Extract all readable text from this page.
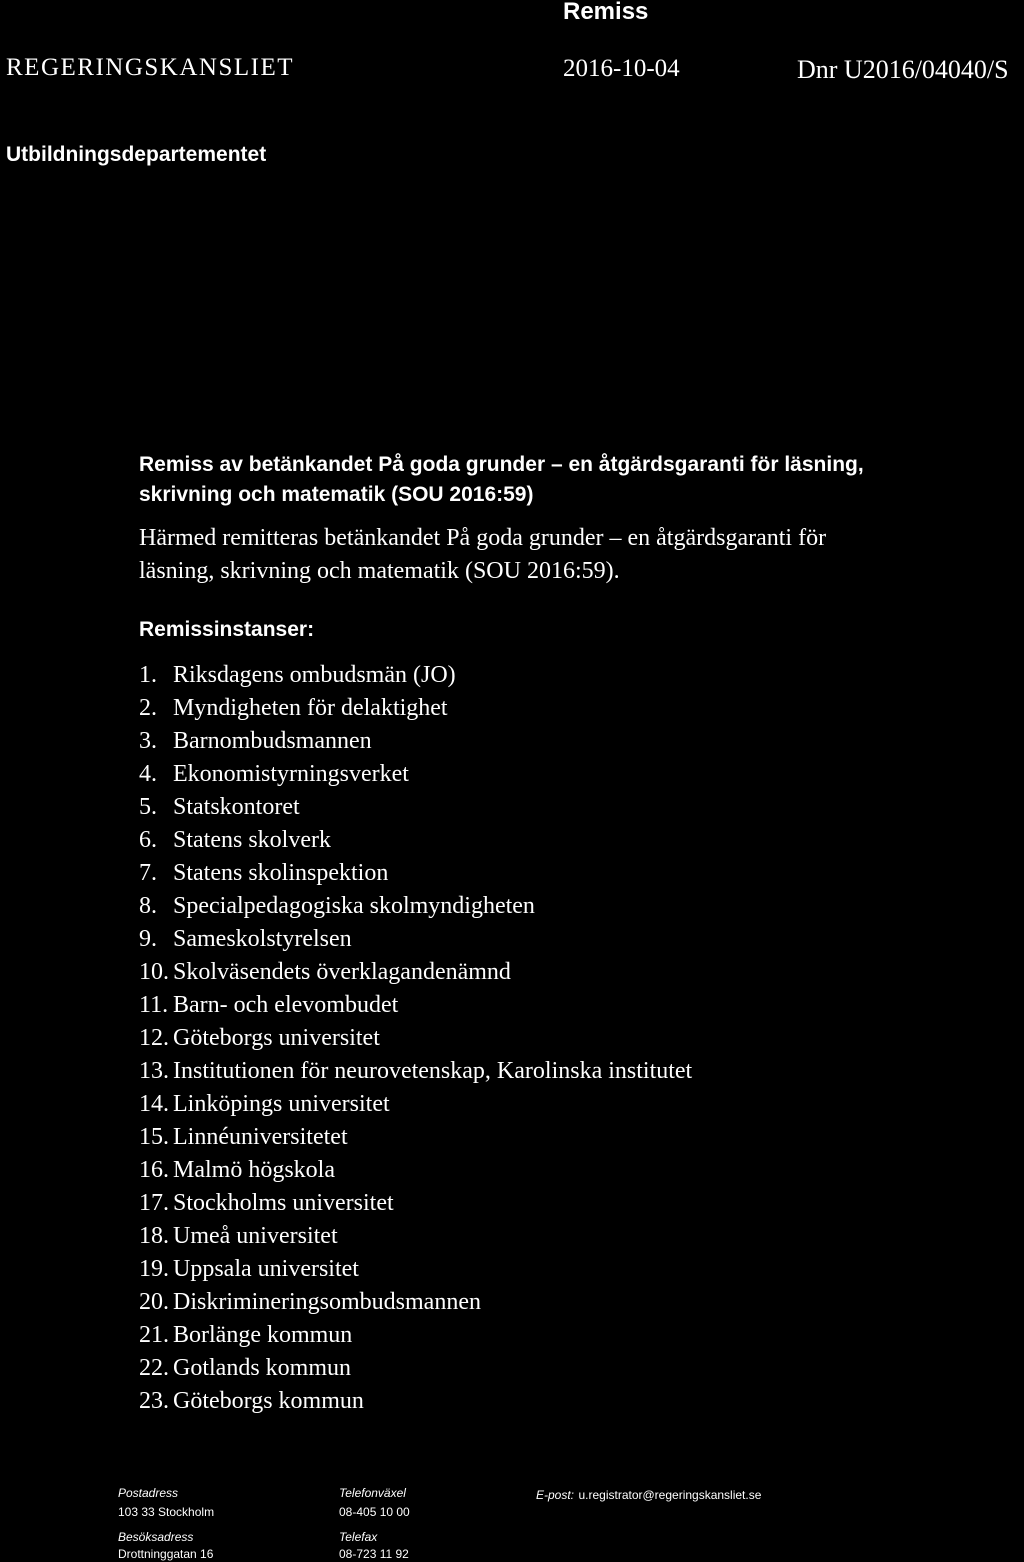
Remiss
REGERINGSKANSLIET	2016-10-04	Dnr U2016/04040/S
Utbildningsdepartementet
Remiss av betänkandet På goda grunder – en åtgärdsgaranti för läsning,
skrivning och matematik (SOU 2016:59)
Härmed remitteras betänkandet På goda grunder – en åtgärdsgaranti för
läsning, skrivning och matematik (SOU 2016:59).
Remissinstanser:
1. Riksdagens ombudsmän (JO)
2. Myndigheten för delaktighet
3. Barnombudsmannen
4. Ekonomistyrningsverket
5. Statskontoret
6. Statens skolverk
7. Statens skolinspektion
8. Specialpedagogiska skolmyndigheten
9. Sameskolstyrelsen
10. Skolväsendets överklagandenämnd
11. Barn- och elevombudet
12. Göteborgs universitet
13. Institutionen för neurovetenskap, Karolinska institutet
14. Linköpings universitet
15. Linnéuniversitetet
16. Malmö högskola
17. Stockholms universitet
18. Umeå universitet
19. Uppsala universitet
20. Diskrimineringsombudsmannen
21. Borlänge kommun
22. Gotlands kommun
23. Göteborgs kommun
Postadress
103 33 Stockholm
Besöksadress
Drottninggatan 16
Telefonväxel
08-405 10 00
Telefax
08-723 11 92
E-post: u.registrator@regeringskansliet.se
